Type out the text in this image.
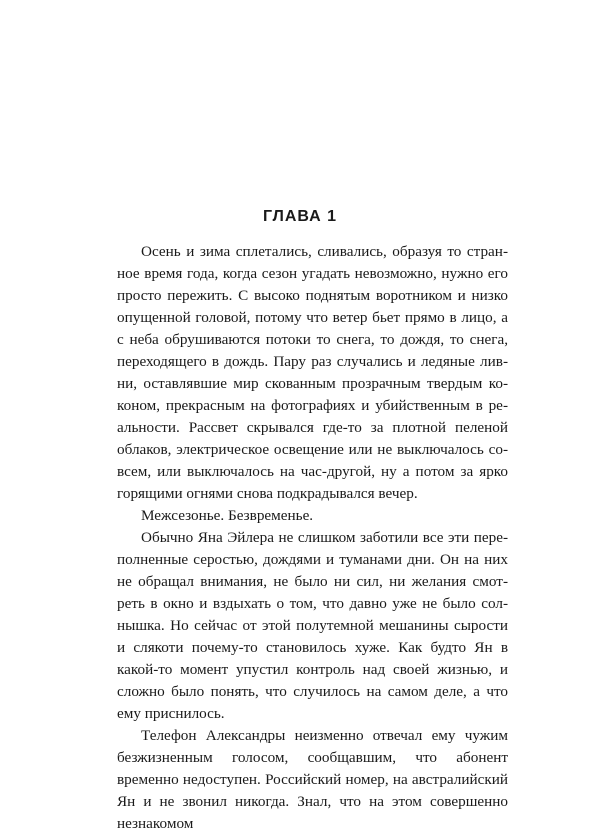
ГЛАВА 1

Осень и зима сплетались, сливались, образуя то странное время года, когда сезон угадать невозможно, нужно его просто пережить. С высоко поднятым воротником и низко опущенной головой, потому что ветер бьет прямо в лицо, а с неба обрушиваются потоки то снега, то дождя, то снега, переходящего в дождь. Пару раз случались и ледяные ливни, оставлявшие мир скованным прозрачным твердым коконом, прекрасным на фотографиях и убийственным в реальности. Рассвет скрывался где-то за плотной пеленой облаков, электрическое освещение или не выключалось совсем, или выключалось на час-другой, ну а потом за ярко горящими огнями снова подкрадывался вечер.

Межсезонье. Безвременье.

Обычно Яна Эйлера не слишком заботили все эти переполненные серостью, дождями и туманами дни. Он на них не обращал внимания, не было ни сил, ни желания смотреть в окно и вздыхать о том, что давно уже не было солнышка. Но сейчас от этой полутемной мешанины сырости и слякоти почему-то становилось хуже. Как будто Ян в какой-то момент упустил контроль над своей жизнью, и сложно было понять, что случилось на самом деле, а что ему приснилось.

Телефон Александры неизменно отвечал ему чужим безжизненным голосом, сообщавшим, что абонент временно недоступен. Российский номер, на австралийский Ян и не звонил никогда. Знал, что на этом совершенно незнакомом
